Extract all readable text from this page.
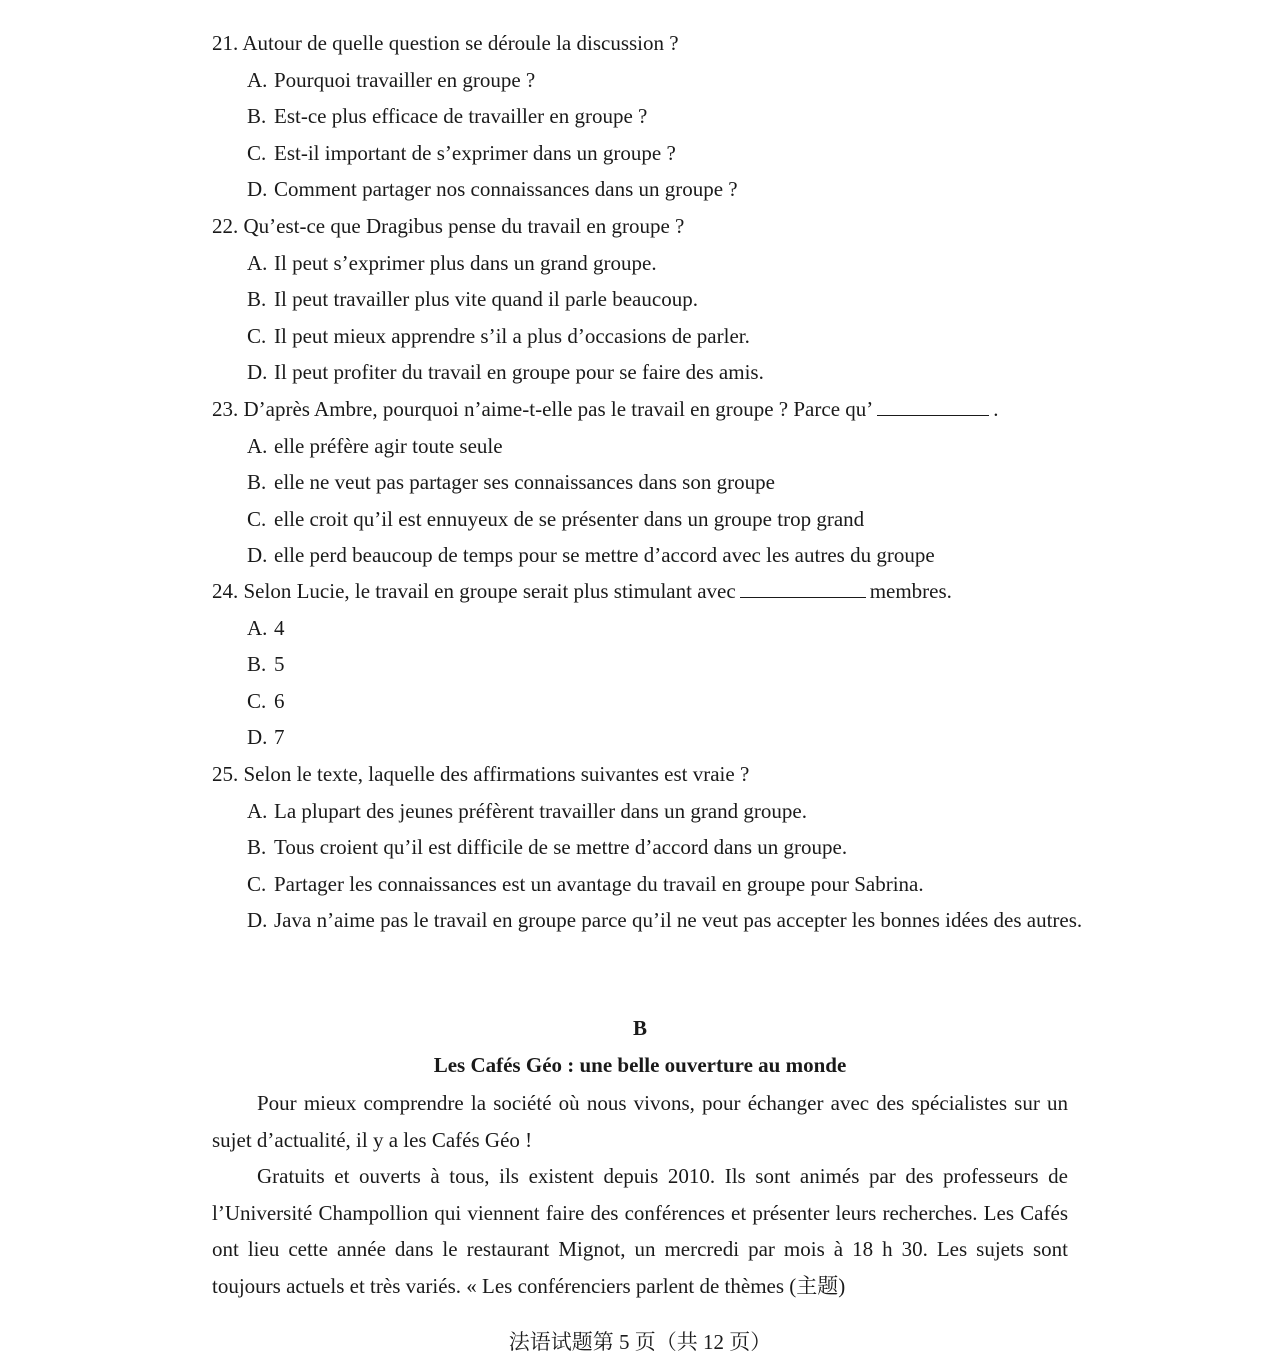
21. Autour de quelle question se déroule la discussion ?
A. Pourquoi travailler en groupe ?
B. Est-ce plus efficace de travailler en groupe ?
C. Est-il important de s’exprimer dans un groupe ?
D. Comment partager nos connaissances dans un groupe ?
22. Qu’est-ce que Dragibus pense du travail en groupe ?
A. Il peut s’exprimer plus dans un grand groupe.
B. Il peut travailler plus vite quand il parle beaucoup.
C. Il peut mieux apprendre s’il a plus d’occasions de parler.
D. Il peut profiter du travail en groupe pour se faire des amis.
23. D’après Ambre, pourquoi n’aime-t-elle pas le travail en groupe ? Parce qu’	.
A. elle préfère agir toute seule
B. elle ne veut pas partager ses connaissances dans son groupe
C. elle croit qu’il est ennuyeux de se présenter dans un groupe trop grand
D. elle perd beaucoup de temps pour se mettre d’accord avec les autres du groupe
24. Selon Lucie, le travail en groupe serait plus stimulant avec	membres.
A. 4
B. 5
C. 6
D. 7
25. Selon le texte, laquelle des affirmations suivantes est vraie ?
A. La plupart des jeunes préfèrent travailler dans un grand groupe.
B. Tous croient qu’il est difficile de se mettre d’accord dans un groupe.
C. Partager les connaissances est un avantage du travail en groupe pour Sabrina.
D. Java n’aime pas le travail en groupe parce qu’il ne veut pas accepter les bonnes idées des autres.
B
Les Cafés Géo : une belle ouverture au monde

Pour mieux comprendre la société où nous vivons, pour échanger avec des spécialistes sur un sujet d’actualité, il y a les Cafés Géo !

Gratuits et ouverts à tous, ils existent depuis 2010. Ils sont animés par des professeurs de l’Université Champollion qui viennent faire des conférences et présenter leurs recherches. Les Cafés ont lieu cette année dans le restaurant Mignot, un mercredi par mois à 18 h 30. Les sujets sont toujours actuels et très variés. « Les conférenciers parlent de thèmes (主题)

法语试题第 5 页（共 12 页）
